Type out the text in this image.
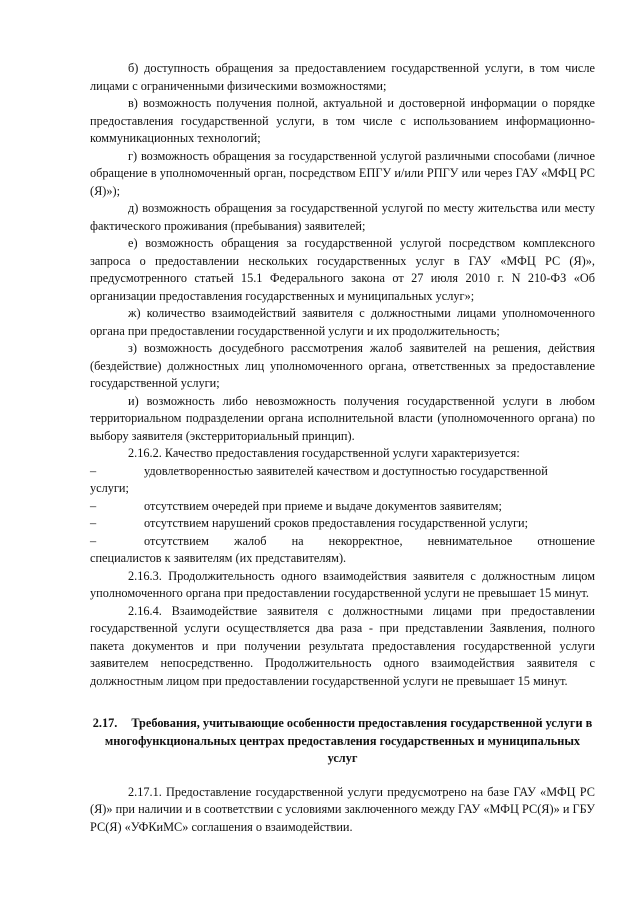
б) доступность обращения за предоставлением государственной услуги, в том числе лицами с ограниченными физическими возможностями;

в) возможность получения полной, актуальной и достоверной информации о порядке предоставления государственной услуги, в том числе с использованием информационно-коммуникационных технологий;

г) возможность обращения за государственной услугой различными способами (личное обращение в уполномоченный орган, посредством ЕПГУ и/или РПГУ или через ГАУ «МФЦ РС (Я)»);

д) возможность обращения за государственной услугой по месту жительства или месту фактического проживания (пребывания) заявителей;

е) возможность обращения за государственной услугой посредством комплексного запроса о предоставлении нескольких государственных услуг в ГАУ «МФЦ РС (Я)», предусмотренного статьей 15.1 Федерального закона от 27 июля 2010 г. N 210-ФЗ «Об организации предоставления государственных и муниципальных услуг»;

ж) количество взаимодействий заявителя с должностными лицами уполномоченного органа при предоставлении государственной услуги и их продолжительность;

з) возможность досудебного рассмотрения жалоб заявителей на решения, действия (бездействие) должностных лиц уполномоченного органа, ответственных за предоставление государственной услуги;

и) возможность либо невозможность получения государственной услуги в любом территориальном подразделении органа исполнительной власти (уполномоченного органа) по выбору заявителя (экстерриториальный принцип).

2.16.2. Качество предоставления государственной услуги характеризуется:

–	удовлетворенностью заявителей качеством и доступностью государственной

услуги;

–	отсутствием очередей при приеме и выдаче документов заявителям;
–	отсутствием нарушений сроков предоставления государственной услуги;
–	отсутствием жалоб на некорректное, невнимательное отношение

специалистов к заявителям (их представителям).

2.16.3. Продолжительность одного взаимодействия заявителя с должностным лицом уполномоченного органа при предоставлении государственной услуги не превышает 15 минут.

2.16.4. Взаимодействие заявителя с должностными лицами при предоставлении государственной услуги осуществляется два раза - при представлении Заявления, полного пакета документов и при получении результата предоставления государственной услуги заявителем непосредственно. Продолжительность одного взаимодействия заявителя с должностным лицом при предоставлении государственной услуги не превышает 15 минут.

2.17. Требования, учитывающие особенности предоставления государственной услуги в многофункциональных центрах предоставления государственных и муниципальных услуг

2.17.1. Предоставление государственной услуги предусмотрено на базе ГАУ «МФЦ РС (Я)» при наличии и в соответствии с условиями заключенного между ГАУ «МФЦ РС(Я)» и ГБУ РС(Я) «УФКиМС» соглашения о взаимодействии.
